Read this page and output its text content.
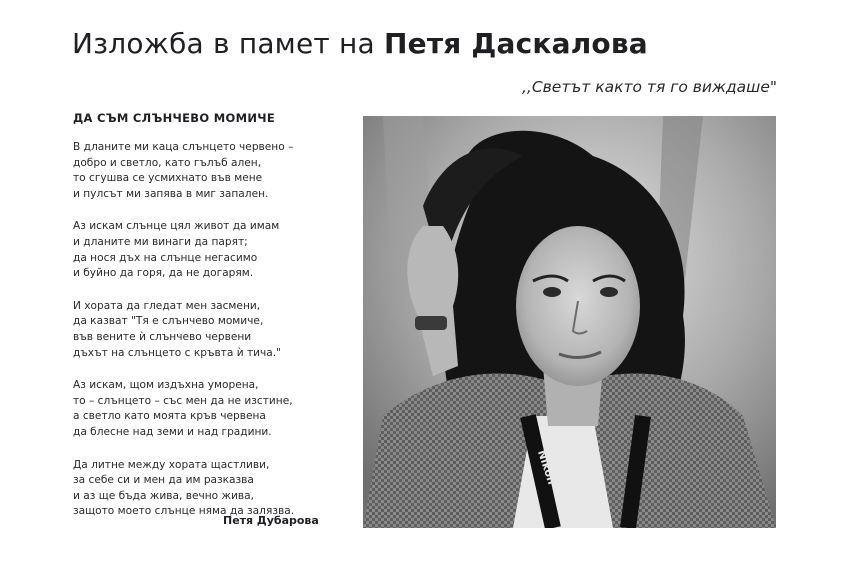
Изложба в памет на Петя Даскалова
,,Светът както тя го виждаше"
ДА СЪМ СЛЪНЧЕВО МОМИЧЕ
В дланите ми каца слънцето червено –
добро и светло, като гълъб ален,
то сгушва се усмихнато във мене
и пулсът ми запява в миг запален.
Аз искам слънце цял живот да имам
и дланите ми винаги да парят;
да нося дъх на слънце негасимо
и буйно да горя, да не догарям.
И хората да гледат мен засмени,
да казват "Тя е слънчево момиче,
във вените ѝ слънчево червени
дъхът на слънцето с кръвта ѝ тича."
Аз искам, щом издъхна уморена,
то – слънцето – със мен да не изстине,
а светло като моята кръв червена
да блесне над земи и над градини.
Да литне между хората щастливи,
за себе си и мен да им разказва
и аз ще бъда жива, вечно жива,
защото моето слънце няма да залязва.
Петя Дубарова
Nikon
